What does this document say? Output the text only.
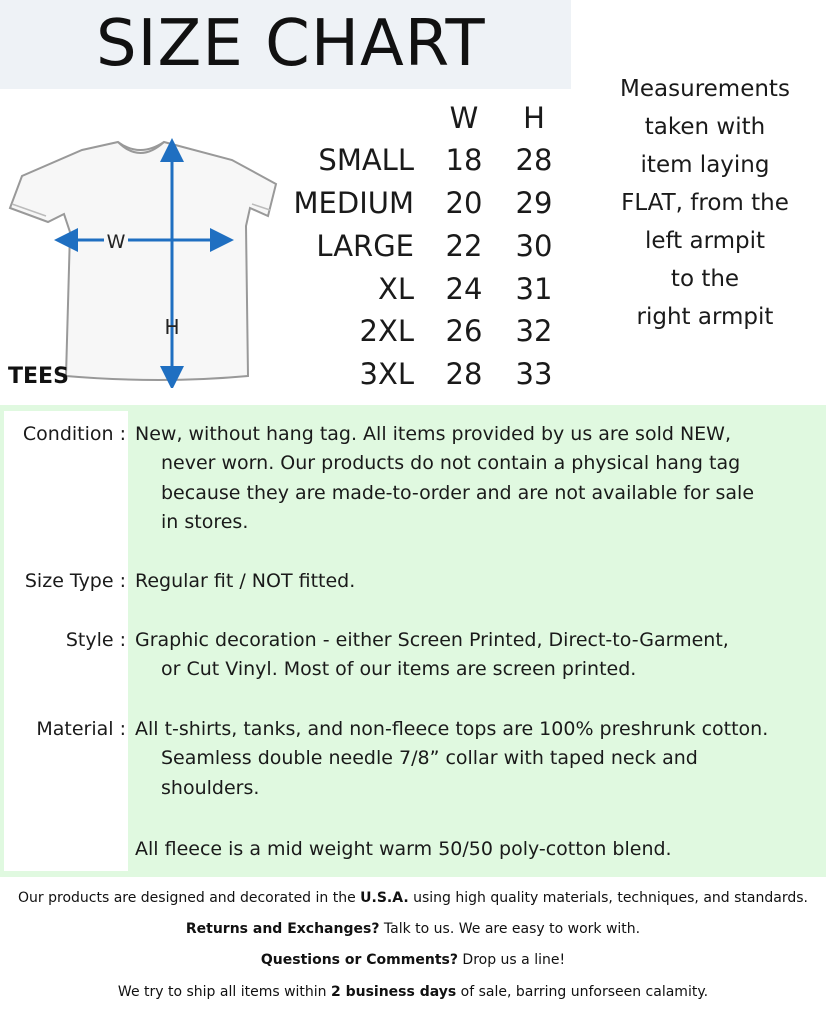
SIZE CHART
W
H
TEES
W	H
SMALL 18 28
MEDIUM 20 29
LARGE 22 30
XL 24 31
2XL 26 32
3XL 28 33
Measurements
taken with
item laying
FLAT, from the
left armpit
to the
right armpit
Condition : New, without hang tag. All items provided by us are sold NEW,
never worn. Our products do not contain a physical hang tag
because they are made-to-order and are not available for sale
in stores.
Size Type : Regular fit / NOT fitted.
Style : Graphic decoration - either Screen Printed, Direct-to-Garment,
or Cut Vinyl. Most of our items are screen printed.
Material : All t-shirts, tanks, and non-fleece tops are 100% preshrunk cotton.
Seamless double needle 7/8” collar with taped neck and
shoulders.
All fleece is a mid weight warm 50/50 poly-cotton blend.
Our products are designed and decorated in the U.S.A. using high quality materials, techniques, and standards.
Returns and Exchanges? Talk to us. We are easy to work with.
Questions or Comments? Drop us a line!
We try to ship all items within 2 business days of sale, barring unforseen calamity.
